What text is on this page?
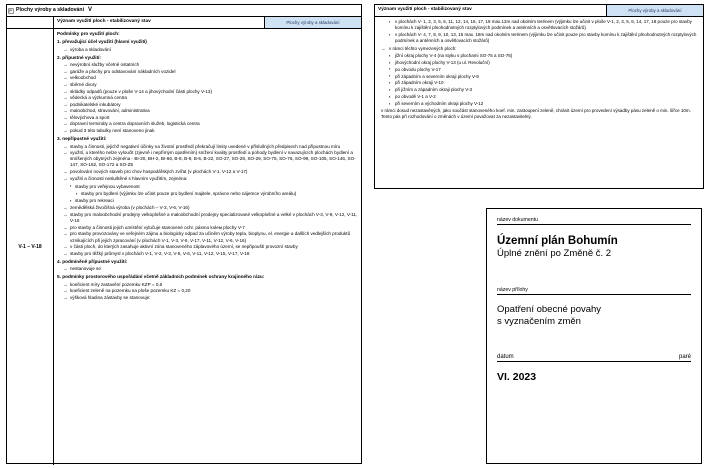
Plochy výroby a skladování V
Význam využití ploch - stabilizovaný stav	Plochy výroby a skladování
V-1 – V-18
Podmínky pro využití ploch:
1. převažující účel využití (hlavní využití)
→ výroba a skladování
2. přípustné využití:
→ nevýrobní služby včetně ostatních
→ garáže a plochy pro odstavování nákladních vozidel
→ velkoobchod
→ sběrné dvory
→ skládky odpadů (pouze v ploše V-14 a jihovýchodní části plochy V-13)
→ vědecká a výzkumná centra
→ podnikatelské inkubátory
→ maloobchod, stravování, administrativa
→ tělovýchova a sport
→ dopravní terminály a centra dopravních služeb, logistická centra
→ pokud 3 této tabulky není stanoveno jinak
3. nepřípustné využití:
→ stavby a činnosti, jejichž negativní účinky na životní prostředí překračují limity uvedené v příslušných předpisech nad přípustnou míru
→ využití, u kterého nelze vyloučit (zjevně i nepřímým opatřením) snížení kvality prostředí a pohody bydlení v navazujících plochách bydlení a smíšených obytných zejména - BI-20, BH-2, BI-66, B-8, B-9, B-5, B-22, SO-27, SO-28, SO-29, SO-75, SO-76, SO-99, SO-105, SO-146, SO-147, SO-162, SO-172 a SO-Z5
→ povolování nových staveb pro chov hospodářských zvířat (v plochách V-1, V-12 a V-17)
→ využití a činnosti nesluštěné s hlavním využitím, zejména:
▪ stavby pro veřejnou vybavenost
▪ stavby pro bydlení (výjimku lze učinit pouze pro bydlení majitele, správce nebo nájemce výrobního areálu)
▪ stavby pro rekreaci
→ zemědělská živočišná výroba (v plochách – V-3, V-6, V-16)
→ stavby pro maloobchodní prodejny velkoplošné a maloobchodní prodejny specializované velkoplošné a velké v plochách V-3, V-9, V-12, V-11, V-16
→ pro stavby a činnosti jejich umístění vylučuje stanovené ochr. pásmo koleм plochy V-7
→ pro stavby provozovány ve veřejném zájmu a biologicky odpad za učiněm výroby tepla, bioplynu, el. energie a dalších vedlejších produktů vznikajících při jejich zpracování (v plochách V-1, V-3, V-6, V-17, V-11, V-12, V-6, V-16)
→ v části ploch, do kterých zasahuje aktivní zóna stanoveného záplavového území, se nepřipouští provozní stavby
→ stavby pro těžký průmysl v plochách V-1, V-2, V-3, V-5, V-6, V-11, V-12, V-15, V-17, V-18
4. podmíněně přípustné využití:
→ nestanovuje se
5. podmínky prostorového uspořádání včetně základních podmínek ochrany krajinného rázu:
→ koeficient míry zastavění pozemku KZP = 0,6
→ koeficient zeleně na pozemku na ploše pozemku KZ = 0,20
→ výšková hladina zástavby se stanovuje:
Význam využití ploch - stabilizovaný stav	Plochy výroby a skladování
▪ v plochách V- 1, 2, 3, 5, 6, 11, 12, 14, 16, 17, 18 max.12m nad okolním terénem (výjimku lze učinit v ploše V-1, 2, 3, 5, 6, 14, 17, 18 pouze pro stavby komínu k zajištění plnohodnotných rozptylových podmínek a anténních a osvětlovacích stožárů)
▪ v plochách V- 4, 7, 8, 9, 10, 13, 15 max. 18m nad okolním terénem (výjimku lze učinit pouze pro stavby komínu k zajištění plnohodnotných rozptylových podmínek a anténních a osvětlovacích stožárů)
→ v rámci těchto vymezených ploch:
▪ jižní okraj plochy V-4 (na styku s plochami SO-75 a SO-76)
▪ jihovýchodní okraj plochy V-13 (u ul. Revoluční)
▪ po obvodu plochy V-17
▪ při západním a severním okraji plochy V-9
▪ při západním okraji V-10
▪ při jižním a západním okraji plochy V-3
▪ po obvodě V-1 a V-2
▪ při severním a východním okraji plochy V-12
v rámci dosud nezastavěných, jako součást stanoveného koef. min. zastoupení zeleně, chránit území pro provedení výsadby pásu zeleně o min. šířce 10m. Tento pás při rozhodování o změnách v území považovat za nezastavitelný.
název dokumentu
Územní plán Bohumín
Úplné znění po Změně č. 2
název přílohy
Opatření obecné povahy
s vyznačením změn
datum	paré
VI. 2023
